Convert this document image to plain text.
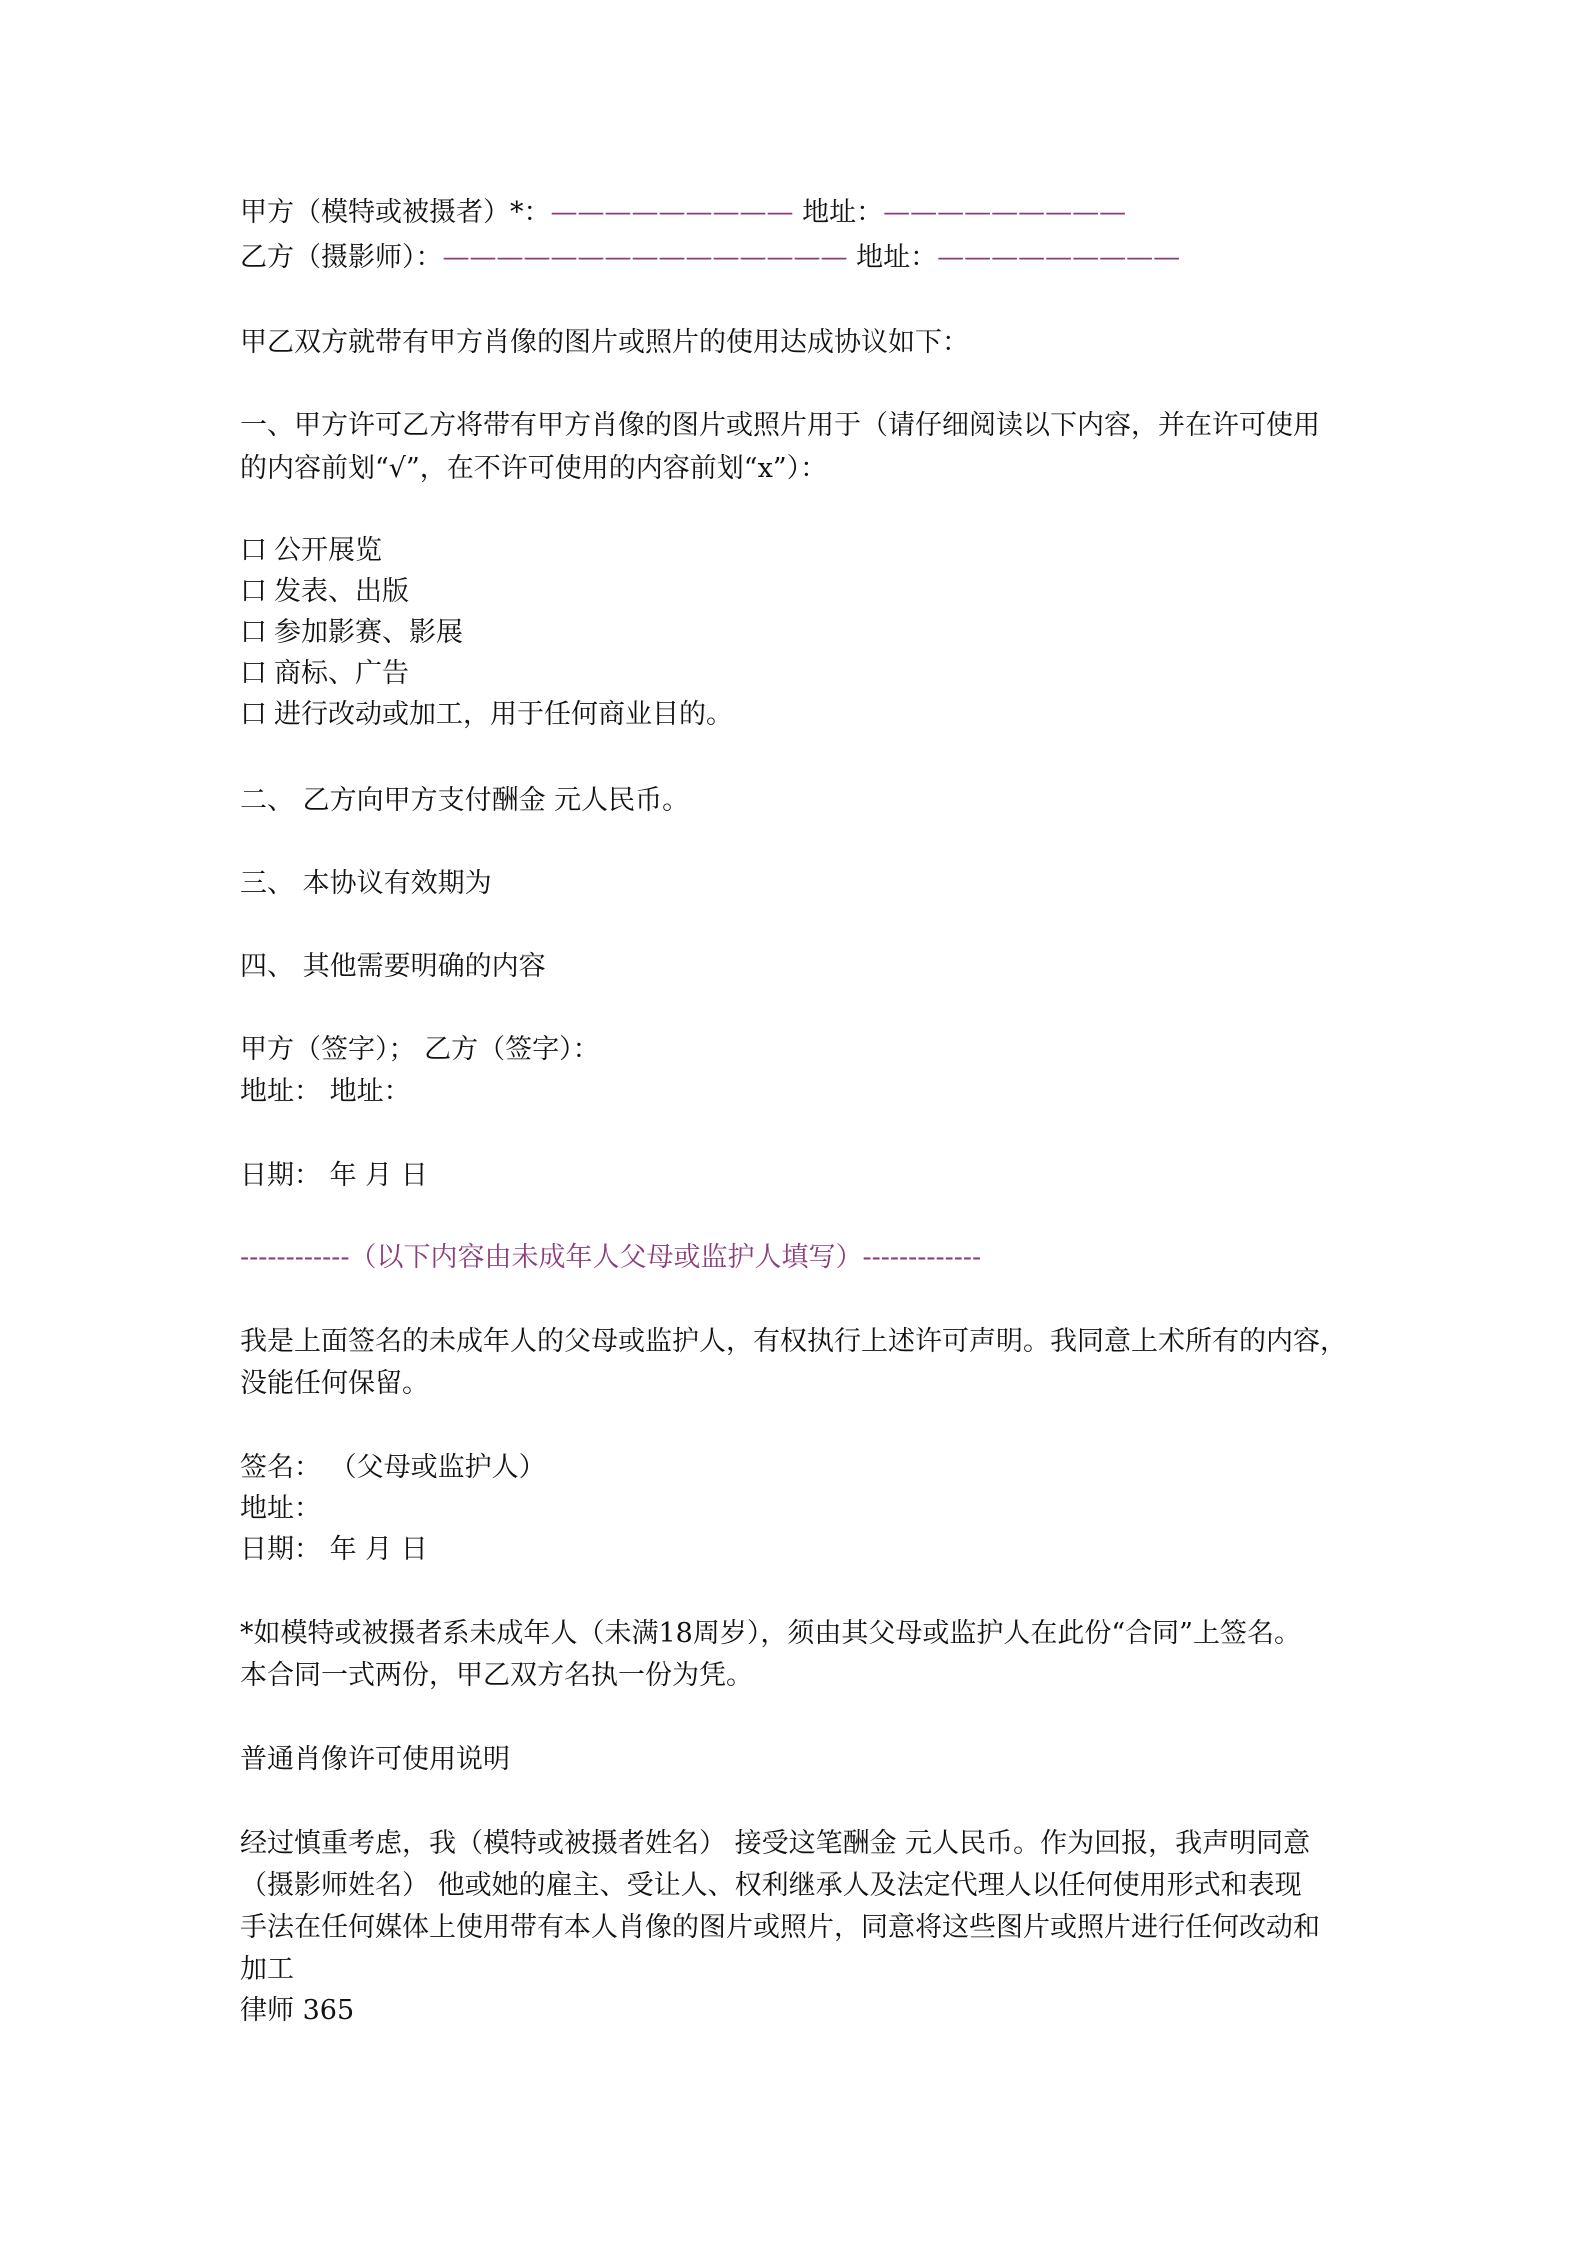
甲方（模特或被摄者）*：————————— 地址：—————————
乙方（摄影师）：——————————————— 地址：—————————
甲乙双方就带有甲方肖像的图片或照片的使用达成协议如下：
一、甲方许可乙方将带有甲方肖像的图片或照片用于（请仔细阅读以下内容，并在许可使用
的内容前划“√”，在不许可使用的内容前划“x”）：
口 公开展览
口 发表、出版
口 参加影赛、影展
口 商标、广告
口 进行改动或加工，用于任何商业目的。
二、 乙方向甲方支付酬金 元人民币。
三、 本协议有效期为
四、 其他需要明确的内容
甲方（签字）； 乙方（签字）：
地址： 地址：
日期： 年 月 日
------------（以下内容由未成年人父母或监护人填写）-------------
我是上面签名的未成年人的父母或监护人，有权执行上述许可声明。我同意上术所有的内容，
没能任何保留。
签名： （父母或监护人）
地址：
日期： 年 月 日
*如模特或被摄者系未成年人（未满18周岁），须由其父母或监护人在此份“合同”上签名。
本合同一式两份，甲乙双方名执一份为凭。
普通肖像许可使用说明
经过慎重考虑，我（模特或被摄者姓名） 接受这笔酬金 元人民币。作为回报，我声明同意
（摄影师姓名） 他或她的雇主、受让人、权利继承人及法定代理人以任何使用形式和表现
手法在任何媒体上使用带有本人肖像的图片或照片，同意将这些图片或照片进行任何改动和
加工
律师 365
